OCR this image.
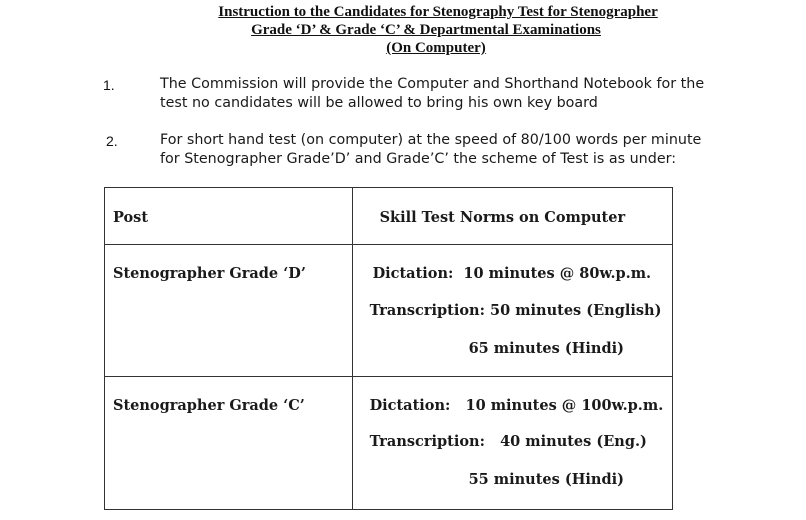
Instruction to the Candidates for Stenography Test for Stenographer
Grade ‘D’ & Grade ‘C’ & Departmental Examinations
(On Computer)
1.	The Commission will provide the Computer and Shorthand Notebook for the
test no candidates will be allowed to bring his own key board
2.	For short hand test (on computer) at the speed of 80/100 words per minute
for Stenographer Grade’D’ and Grade’C’ the scheme of Test is as under:
Post	Skill Test Norms on Computer

Stenographer Grade ‘D’	Dictation:  10 minutes @ 80w.p.m.
Transcription: 50 minutes (English)
65 minutes (Hindi)

Stenographer Grade ‘C’	Dictation:   10 minutes @ 100w.p.m.
Transcription:   40 minutes (Eng.)
55 minutes (Hindi)
